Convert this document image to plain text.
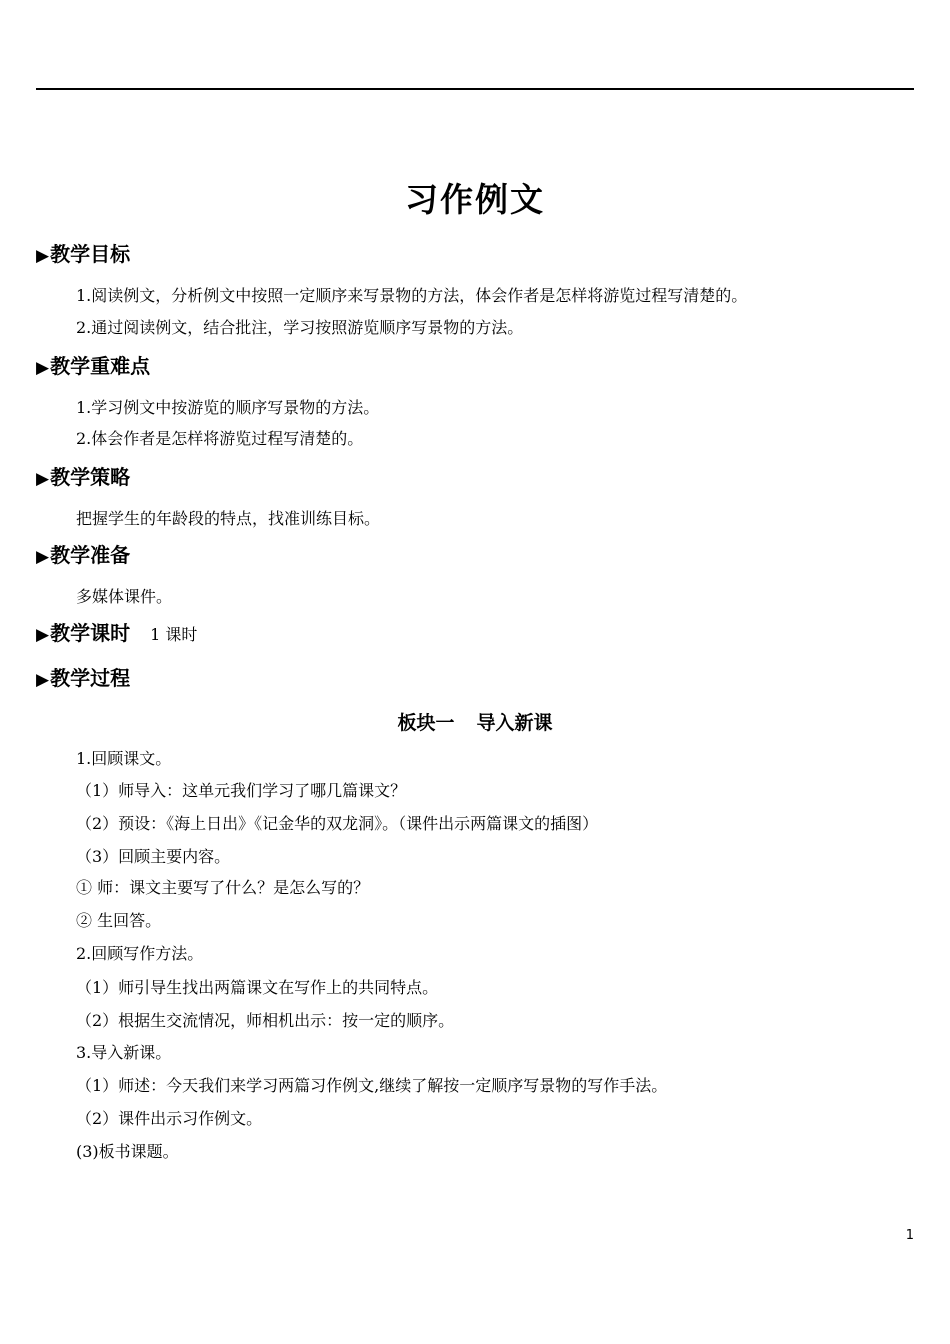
习作例文
▶教学目标
1.阅读例文，分析例文中按照一定顺序来写景物的方法，体会作者是怎样将游览过程写清楚的。
2.通过阅读例文，结合批注，学习按照游览顺序写景物的方法。
▶教学重难点
1.学习例文中按游览的顺序写景物的方法。
2.体会作者是怎样将游览过程写清楚的。
▶教学策略
把握学生的年龄段的特点，找准训练目标。
▶教学准备
多媒体课件。
▶教学课时 1 课时
▶教学过程
板块一 导入新课
1.回顾课文。
（1）师导入：这单元我们学习了哪几篇课文？
（2）预设：《海上日出》《记金华的双龙洞》。（课件出示两篇课文的插图）
（3）回顾主要内容。
① 师：课文主要写了什么？是怎么写的？
② 生回答。
2.回顾写作方法。
（1）师引导生找出两篇课文在写作上的共同特点。
（2）根据生交流情况，师相机出示：按一定的顺序。
3.导入新课。
（1）师述：今天我们来学习两篇习作例文,继续了解按一定顺序写景物的写作手法。
（2）课件出示习作例文。
(3)板书课题。
1
